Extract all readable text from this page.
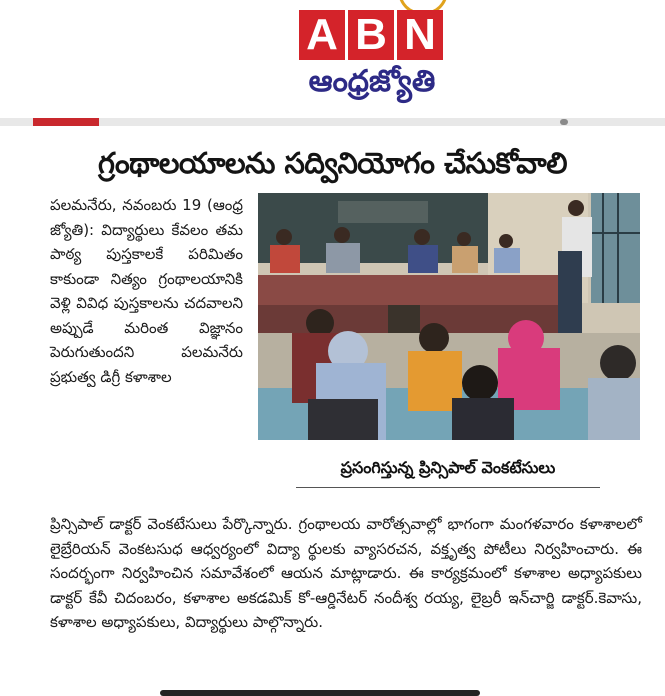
A B N
ఆంధ్రజ్యోతి
గ్రంథాలయాలను సద్వినియోగం చేసుకోవాలి

పలమనేరు, నవంబరు 19 (ఆంధ్ర జ్యోతి): విద్యార్థులు కేవలం తమ పాఠ్య పుస్తకాలకే పరిమితం కాకుండా నిత్యం గ్రంథాలయానికి వెళ్లి వివిధ పుస్తకాలను చదవాలని అప్పుడే మరింత విజ్ఞానం పెరుగుతుందని పలమనేరు ప్రభుత్వ డిగ్రీ కళాశాల

ప్రసంగిస్తున్న ప్రిన్సిపాల్ వెంకటేసులు

ప్రిన్సిపాల్ డాక్టర్ వెంకటేసులు పేర్కొన్నారు. గ్రంథాలయ వారోత్సవాల్లో భాగంగా మంగళవారం కళాశాలలో లైబ్రేరియన్ వెంకటసుధ ఆధ్వర్యంలో విద్యా ర్థులకు వ్యాసరచన, వక్తృత్వ పోటీలు నిర్వహించారు. ఈ సందర్భంగా నిర్వహించిన సమావేశంలో ఆయన మాట్లాడారు. ఈ కార్యక్రమంలో కళాశాల అధ్యాపకులు డాక్టర్ కేవీ చిదంబరం, కళాశాల అకడమిక్ కో-ఆర్డినేటర్ నందీశ్వ రయ్య, లైబ్రరీ ఇన్‌చార్జి డాక్టర్.కెవాసు, కళాశాల అధ్యాపకులు, విద్యార్థులు పాల్గొన్నారు.
